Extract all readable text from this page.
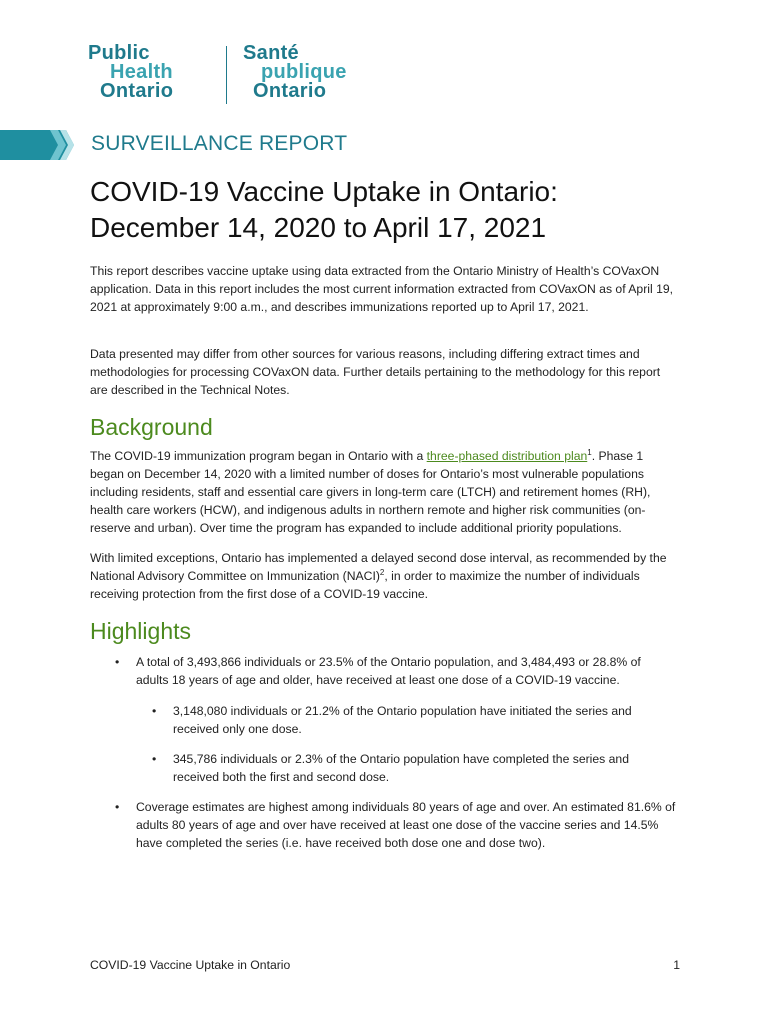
Public
Health
Ontario
Santé
publique
Ontario
SURVEILLANCE REPORT
COVID-19 Vaccine Uptake in Ontario: December 14, 2020 to April 17, 2021

This report describes vaccine uptake using data extracted from the Ontario Ministry of Health’s COVaxON application. Data in this report includes the most current information extracted from COVaxON as of April 19, 2021 at approximately 9:00 a.m., and describes immunizations reported up to April 17, 2021.

Data presented may differ from other sources for various reasons, including differing extract times and methodologies for processing COVaxON data. Further details pertaining to the methodology for this report are described in the Technical Notes.

Background

The COVID-19 immunization program began in Ontario with a three-phased distribution plan$^1$. Phase 1 began on December 14, 2020 with a limited number of doses for Ontario’s most vulnerable populations including residents, staff and essential care givers in long-term care (LTCH) and retirement homes (RH), health care workers (HCW), and indigenous adults in northern remote and higher risk communities (on-reserve and urban). Over time the program has expanded to include additional priority populations.

With limited exceptions, Ontario has implemented a delayed second dose interval, as recommended by the National Advisory Committee on Immunization (NACI)$^2$, in order to maximize the number of individuals receiving protection from the first dose of a COVID-19 vaccine.

Highlights
• A total of 3,493,866 individuals or 23.5% of the Ontario population, and 3,484,493 or 28.8% of adults 18 years of age and older, have received at least one dose of a COVID-19 vaccine.
• 3,148,080 individuals or 21.2% of the Ontario population have initiated the series and received only one dose.
• 345,786 individuals or 2.3% of the Ontario population have completed the series and received both the first and second dose.
• Coverage estimates are highest among individuals 80 years of age and over. An estimated 81.6% of adults 80 years of age and over have received at least one dose of the vaccine series and 14.5% have completed the series (i.e. have received both dose one and dose two).
COVID-19 Vaccine Uptake in Ontario	1
